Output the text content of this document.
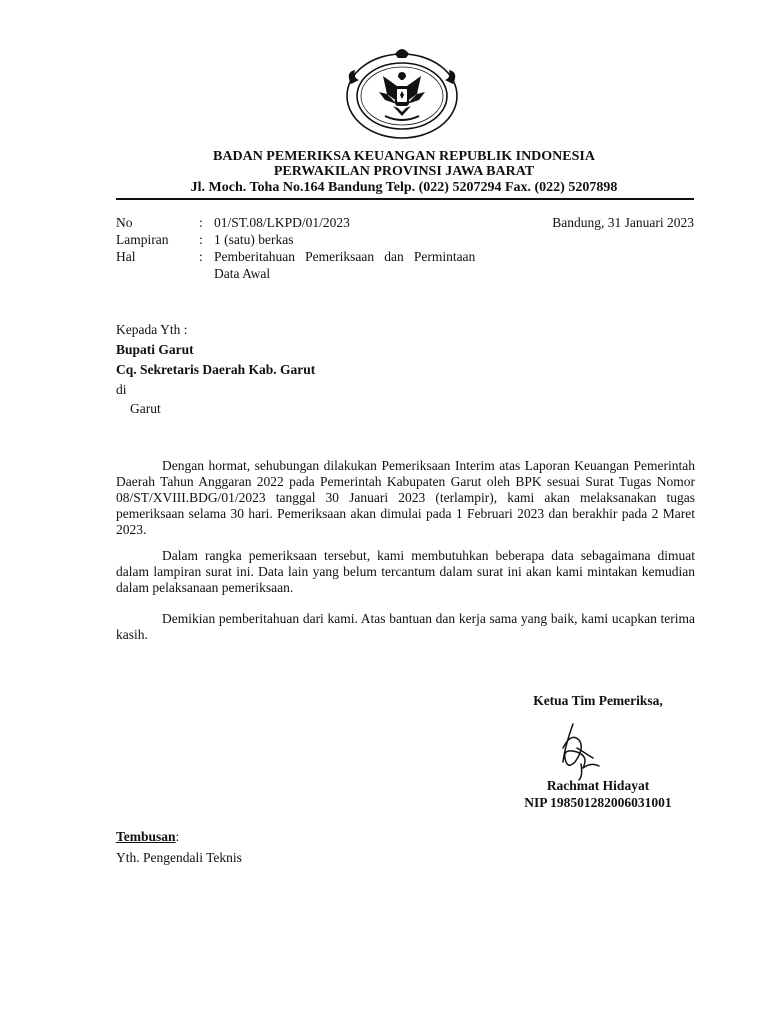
BADAN PEMERIKSA KEUANGAN REPUBLIK INDONESIA
PERWAKILAN PROVINSI JAWA BARAT
Jl. Moch. Toha No.164 Bandung Telp. (022) 5207294 Fax. (022) 5207898
No	: 01/ST.08/LKPD/01/2023	Bandung, 31 Januari 2023
Lampiran : 1 (satu) berkas
Hal	: Pemberitahuan   Pemeriksaan   dan   Permintaan
Data Awal
Kepada Yth :
Bupati Garut
Cq. Sekretaris Daerah Kab. Garut
di
Garut

Dengan hormat, sehubungan dilakukan Pemeriksaan Interim atas Laporan Keuangan Pemerintah Daerah Tahun Anggaran 2022 pada Pemerintah Kabupaten Garut oleh BPK sesuai Surat Tugas Nomor 08/ST/XVIII.BDG/01/2023 tanggal 30 Januari 2023 (terlampir), kami akan melaksanakan tugas pemeriksaan selama 30 hari. Pemeriksaan akan dimulai pada 1 Februari 2023 dan berakhir pada 2 Maret 2023.

Dalam rangka pemeriksaan tersebut, kami membutuhkan beberapa data sebagaimana dimuat dalam lampiran surat ini. Data lain yang belum tercantum dalam surat ini akan kami mintakan kemudian dalam pelaksanaan pemeriksaan.

Demikian pemberitahuan dari kami. Atas bantuan dan kerja sama yang baik, kami ucapkan terima kasih.

Ketua Tim Pemeriksa,
Rachmat Hidayat
NIP 198501282006031001
Tembusan:
Yth. Pengendali Teknis
